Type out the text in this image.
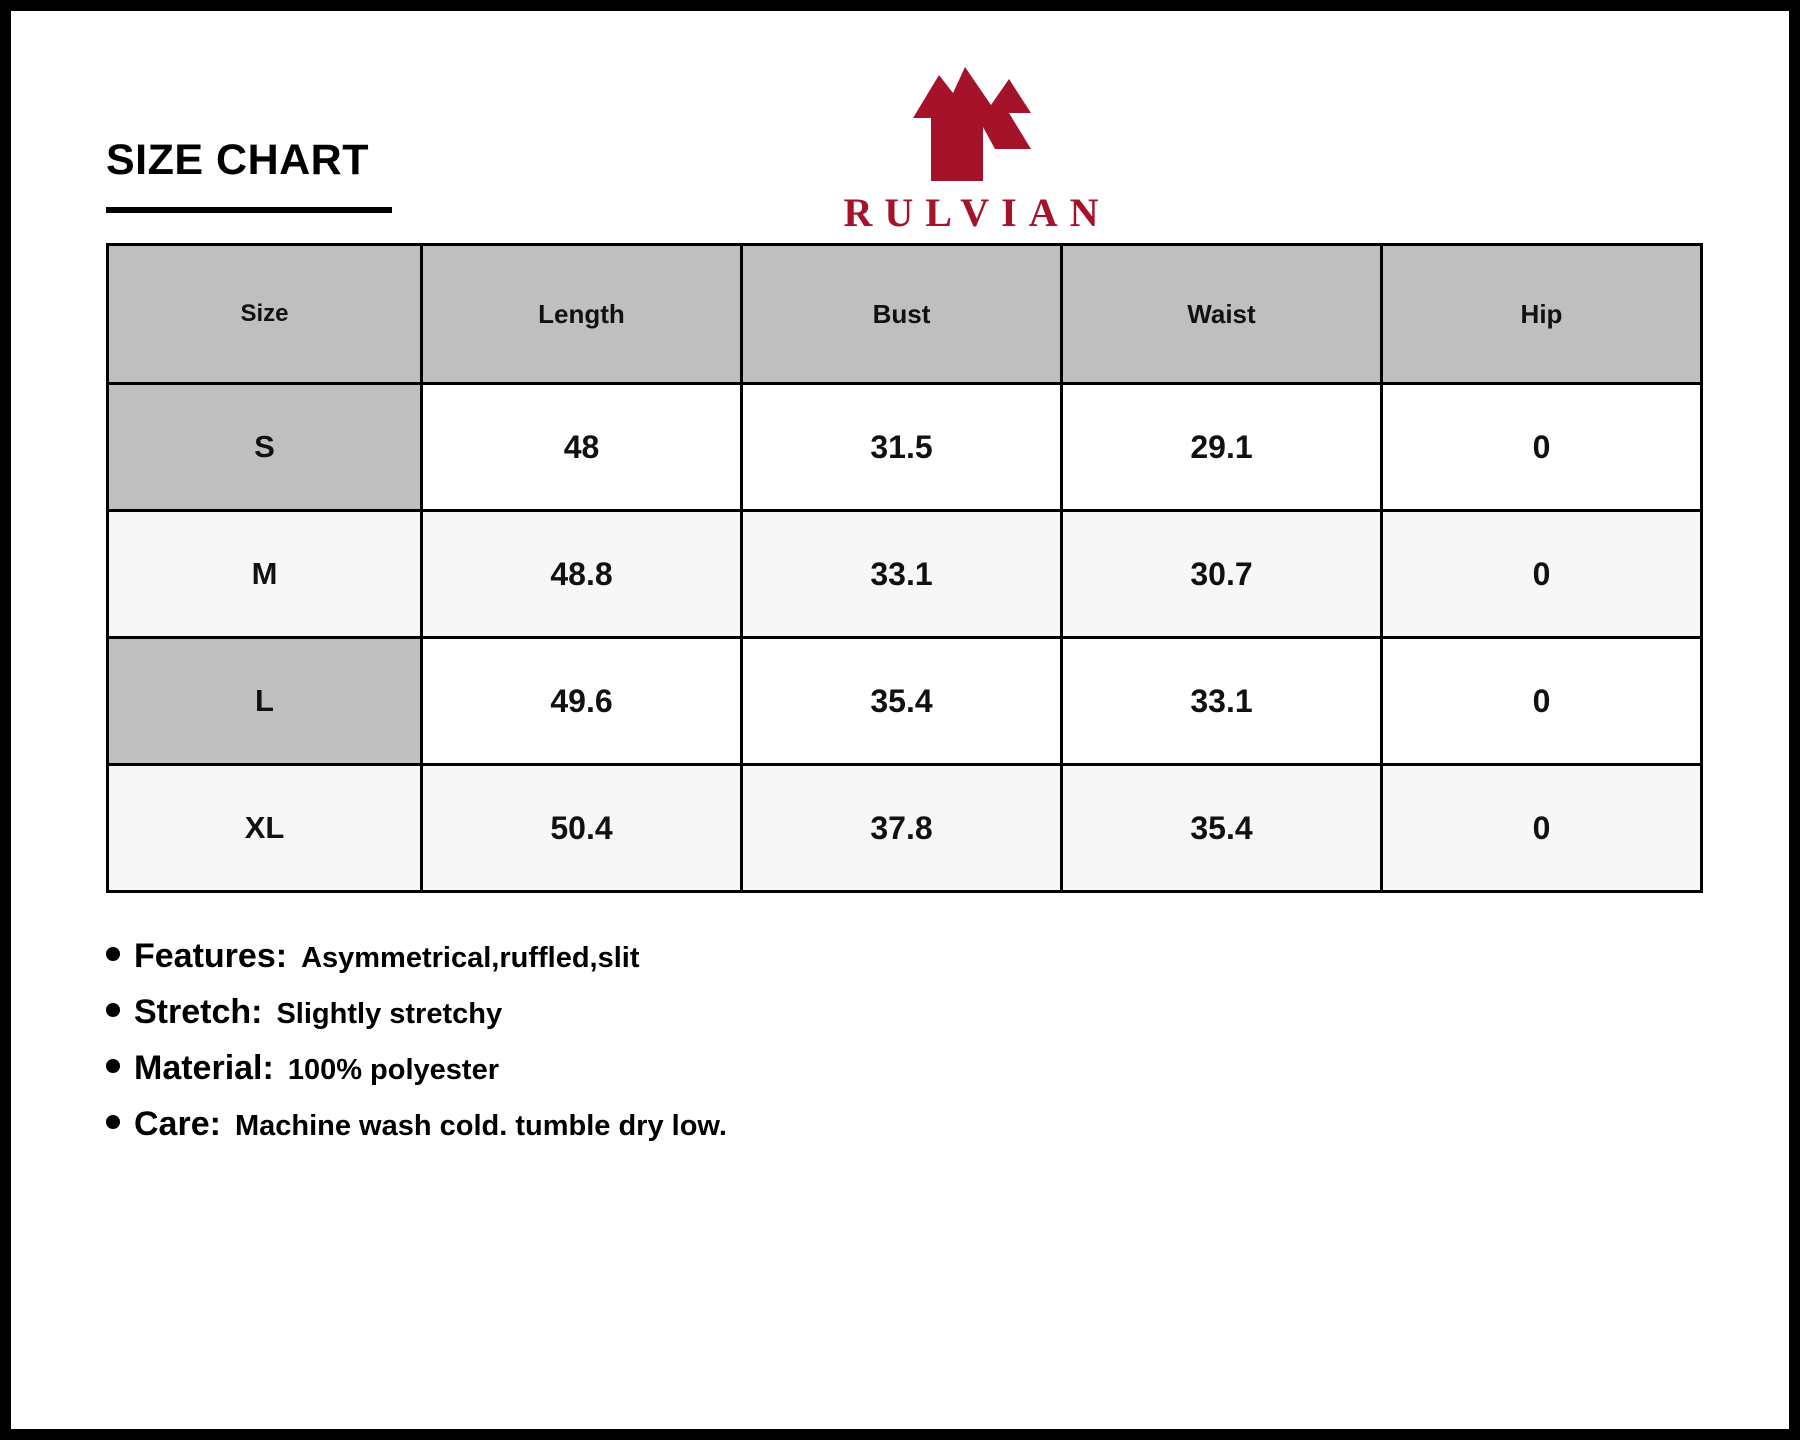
SIZE CHART
RULVIAN
Size	Length	Bust	Waist	Hip
S	48	31.5	29.1	0
M	48.8	33.1	30.7	0
L	49.6	35.4	33.1	0
XL	50.4	37.8	35.4	0
Features: Asymmetrical,ruffled,slit
Stretch: Slightly stretchy
Material: 100% polyester
Care: Machine wash cold. tumble dry low.
